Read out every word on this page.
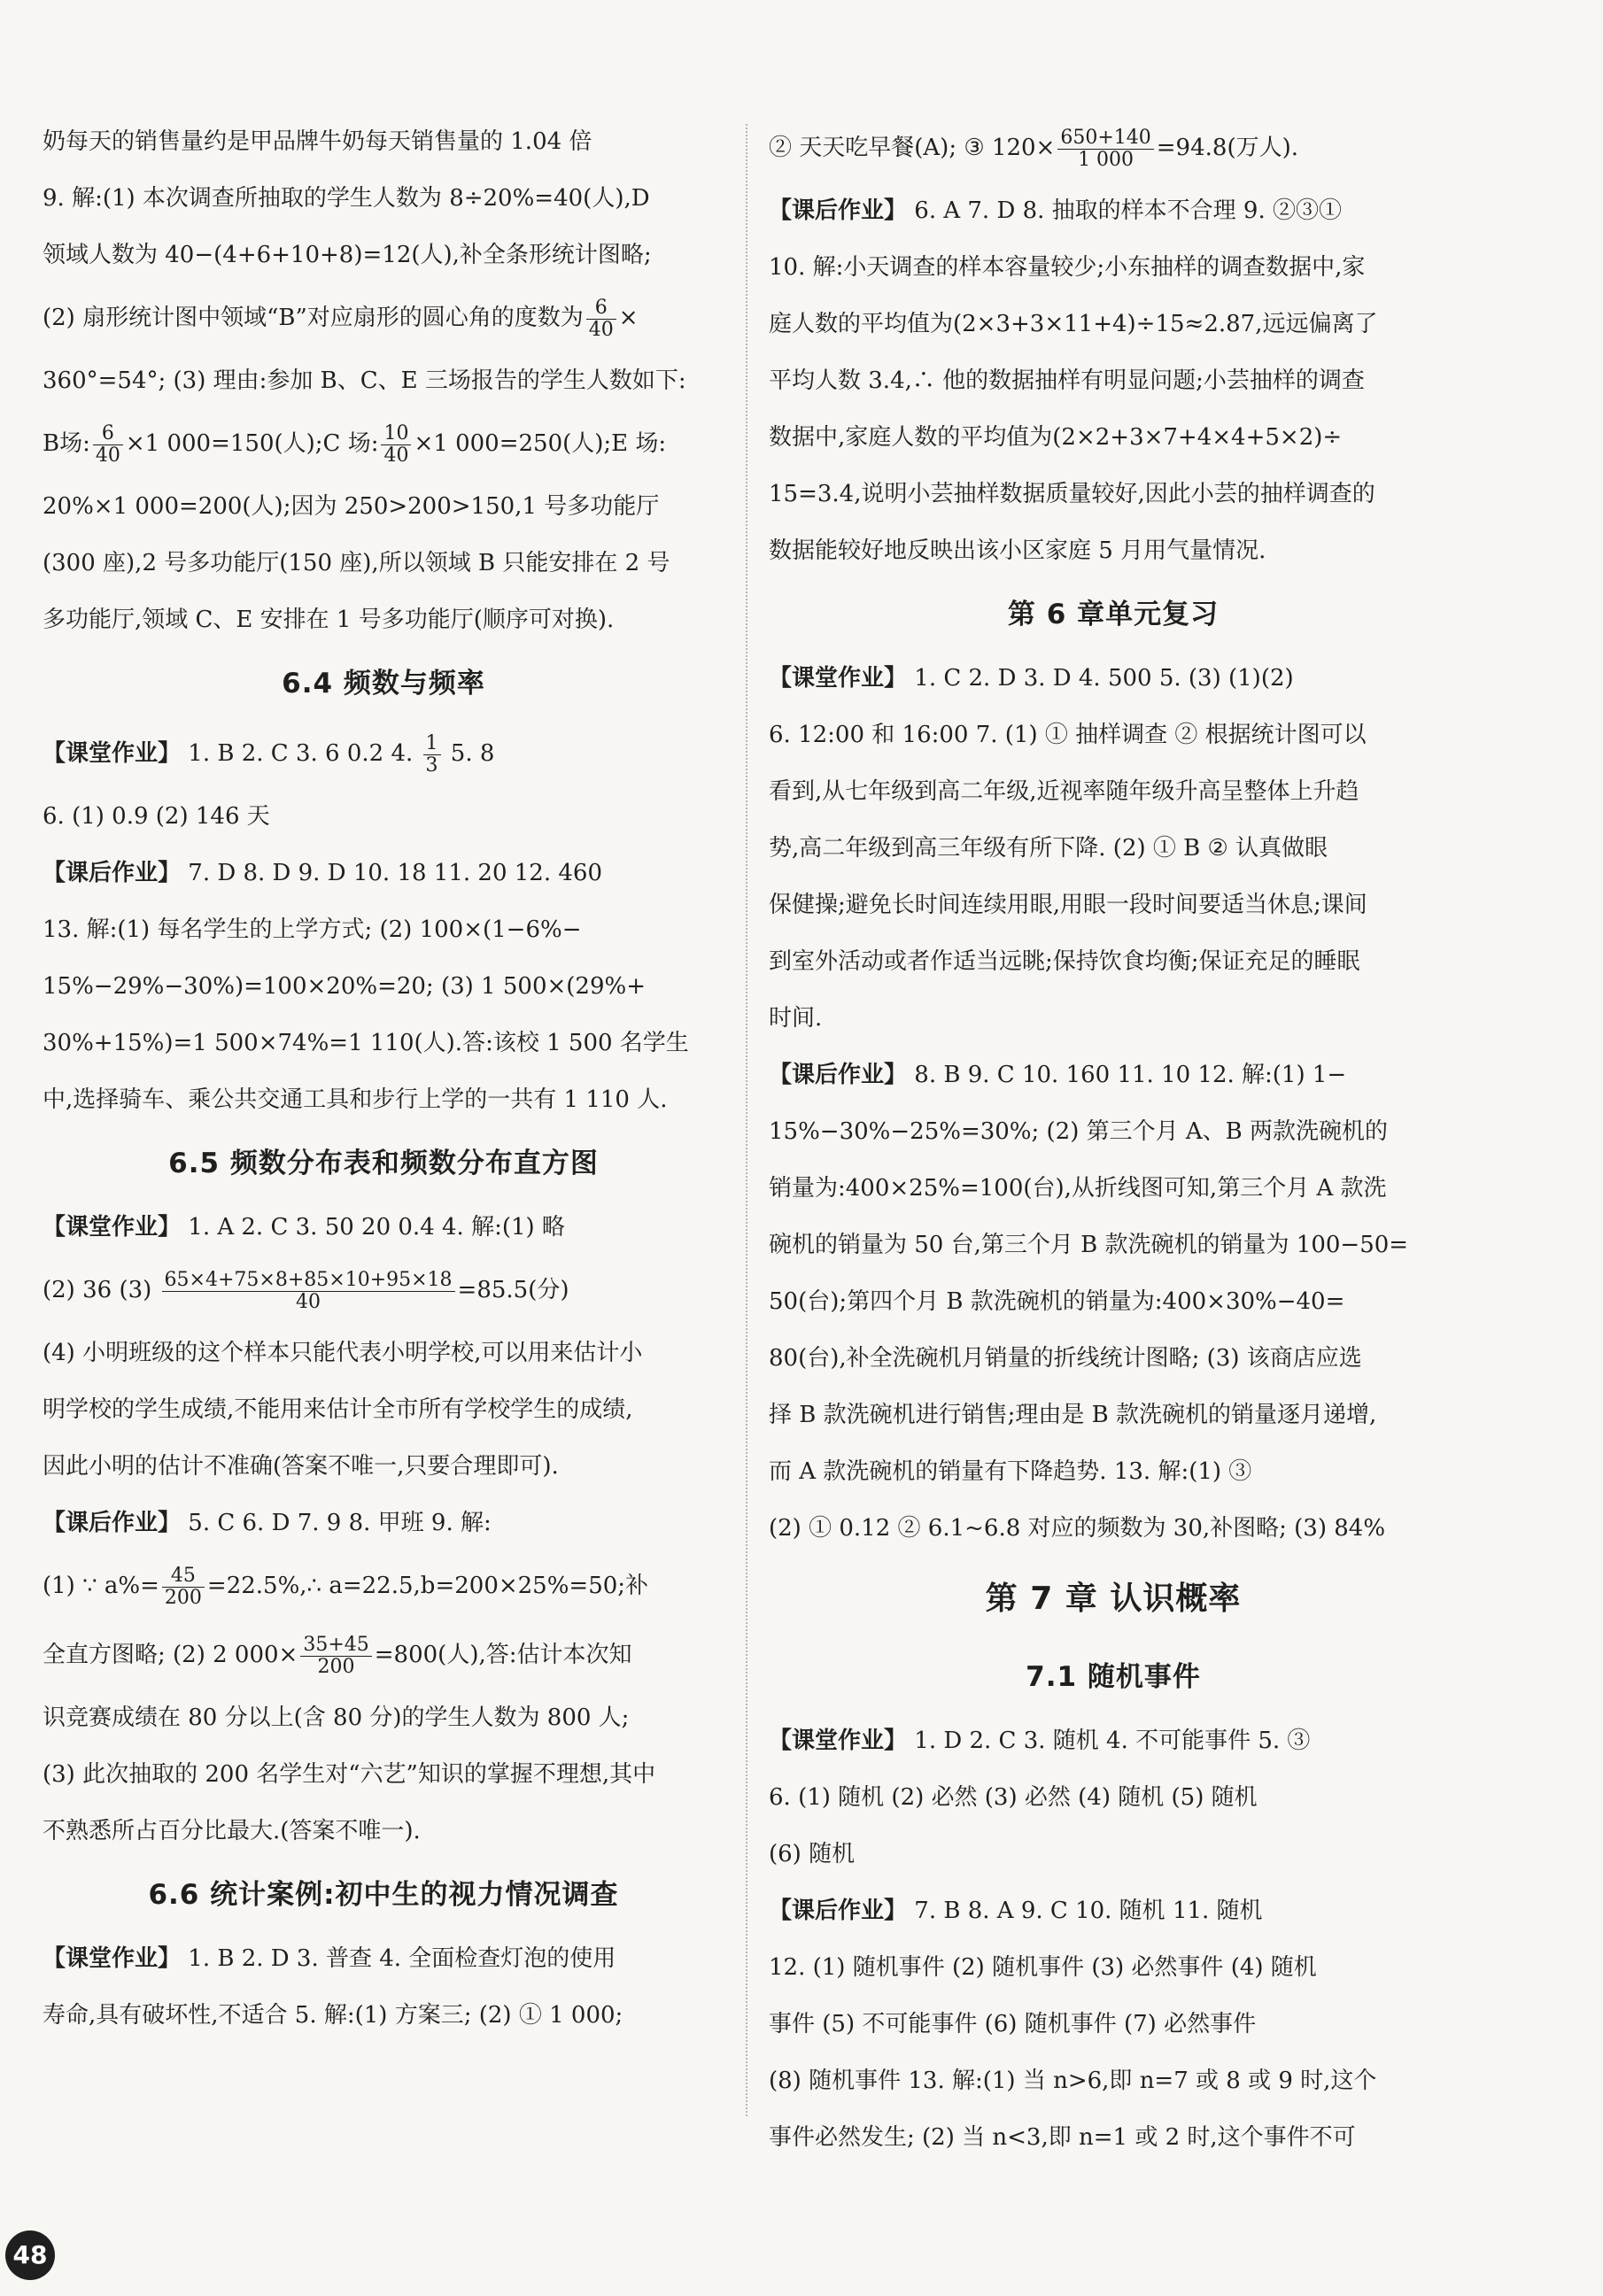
奶每天的销售量约是甲品牌牛奶每天销售量的 1.04 倍
9. 解:(1) 本次调查所抽取的学生人数为 8÷20%=40(人),D
领域人数为 40−(4+6+10+8)=12(人),补全条形统计图略;
(2) 扇形统计图中领域“B”对应扇形的圆心角的度数为 $\frac{6}{40}$ ×
360°=54°; (3) 理由:参加 B、C、E 三场报告的学生人数如下:
B场: $\frac{6}{40} \times 1$ 000=150(人);C 场: $\frac{10}{40} \times 1$ 000=250(人);E 场:
20%×1 000=200(人);因为 250>200>150,1 号多功能厅
(300 座),2 号多功能厅(150 座),所以领域 B 只能安排在 2 号
多功能厅,领域 C、E 安排在 1 号多功能厅(顺序可对换).
6.4 频数与频率
【课堂作业】 1. B 2. C 3. 6 0.2 4. $\frac{1}{3} 5$. 8
6. (1) 0.9 (2) 146 天
【课后作业】 7. D 8. D 9. D 10. 18 11. 20 12. 460
13. 解:(1) 每名学生的上学方式; (2) 100×(1−6%−
15%−29%−30%)=100×20%=20; (3) 1 500×(29%+
30%+15%)=1 500×74%=1 110(人).答:该校 1 500 名学生
中,选择骑车、乘公共交通工具和步行上学的一共有 1 110 人.
6.5 频数分布表和频数分布直方图
【课堂作业】 1. A 2. C 3. 50 20 0.4 4. 解:(1) 略
(2) 36 $(3) \frac{65\times 4+75\times 8+85\times 10+95\times 18}{40} =85.5$(分)
(4) 小明班级的这个样本只能代表小明学校,可以用来估计小
明学校的学生成绩,不能用来估计全市所有学校学生的成绩,
因此小明的估计不准确(答案不唯一,只要合理即可).
【课后作业】 5. C 6. D 7. 9 8. 甲班 9. 解:
(1) ∵ $a\%= \frac{45}{200}$ =22.5%,∴ a=22.5,b=200×25%=50;补
全直方图略; (2) 2 $000\times \frac{35+45}{200} =800$(人),答:估计本次知
识竞赛成绩在 80 分以上(含 80 分)的学生人数为 800 人;
(3) 此次抽取的 200 名学生对“六艺”知识的掌握不理想,其中
不熟悉所占百分比最大.(答案不唯一).
6.6 统计案例:初中生的视力情况调查
【课堂作业】 1. B 2. D 3. 普查 4. 全面检查灯泡的使用
寿命,具有破坏性,不适合 5. 解:(1) 方案三; (2) ① 1 000;
② 天天吃早餐(A); ③ $120\times \frac{650+140}{1 000} =94.8$(万人).
【课后作业】 6. A 7. D 8. 抽取的样本不合理 9. ②③①
10. 解:小天调查的样本容量较少;小东抽样的调查数据中,家
庭人数的平均值为(2×3+3×11+4)÷15≈2.87,远远偏离了
平均人数 3.4,∴ 他的数据抽样有明显问题;小芸抽样的调查
数据中,家庭人数的平均值为(2×2+3×7+4×4+5×2)÷
15=3.4,说明小芸抽样数据质量较好,因此小芸的抽样调查的
数据能较好地反映出该小区家庭 5 月用气量情况.
第 6 章单元复习
【课堂作业】 1. C 2. D 3. D 4. 500 5. (3) (1)(2)
6. 12:00 和 16:00 7. (1) ① 抽样调查 ② 根据统计图可以
看到,从七年级到高二年级,近视率随年级升高呈整体上升趋
势,高二年级到高三年级有所下降. (2) ① B ② 认真做眼
保健操;避免长时间连续用眼,用眼一段时间要适当休息;课间
到室外活动或者作适当远眺;保持饮食均衡;保证充足的睡眠
时间.
【课后作业】 8. B 9. C 10. 160 11. 10 12. 解:(1) 1−
15%−30%−25%=30%; (2) 第三个月 A、B 两款洗碗机的
销量为:400×25%=100(台),从折线图可知,第三个月 A 款洗
碗机的销量为 50 台,第三个月 B 款洗碗机的销量为 100−50=
50(台);第四个月 B 款洗碗机的销量为:400×30%−40=
80(台),补全洗碗机月销量的折线统计图略; (3) 该商店应选
择 B 款洗碗机进行销售;理由是 B 款洗碗机的销量逐月递增,
而 A 款洗碗机的销量有下降趋势. 13. 解:(1) ③
(2) ① 0.12 ② 6.1~6.8 对应的频数为 30,补图略; (3) 84%
第 7 章 认识概率
7.1 随机事件
【课堂作业】 1. D 2. C 3. 随机 4. 不可能事件 5. ③
6. (1) 随机 (2) 必然 (3) 必然 (4) 随机 (5) 随机
(6) 随机
【课后作业】 7. B 8. A 9. C 10. 随机 11. 随机
12. (1) 随机事件 (2) 随机事件 (3) 必然事件 (4) 随机
事件 (5) 不可能事件 (6) 随机事件 (7) 必然事件
(8) 随机事件 13. 解:(1) 当 n>6,即 n=7 或 8 或 9 时,这个
事件必然发生; (2) 当 n<3,即 n=1 或 2 时,这个事件不可
48
